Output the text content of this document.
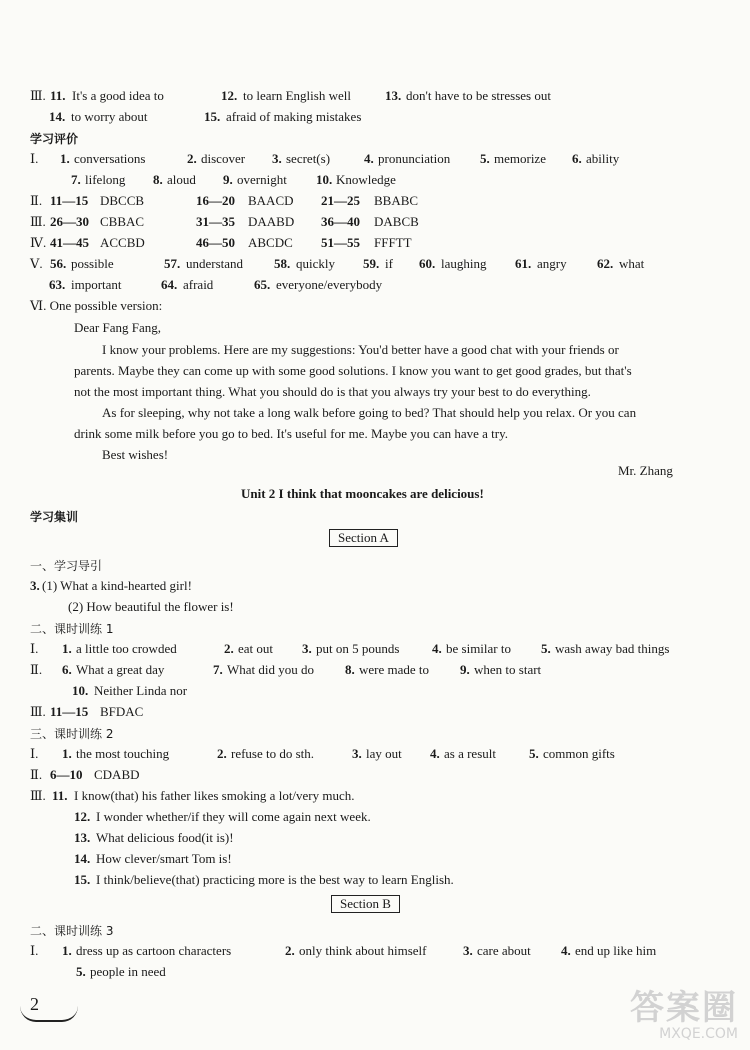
Ⅲ. 11. It's a good idea to	12. to learn English well	13. don't have to be stresses out
14. to worry about	15. afraid of making mistakes
学习评价
Ⅰ. 1. conversations	2. discover 3. secret(s)	4. pronunciation 5. memorize 6. ability
7. lifelong 8. aloud 9. overnight 10. Knowledge
Ⅱ. 11—15 DBCCB	16—20 BAACD 21—25 BBABC
Ⅲ. 26—30 CBBAC	31—35 DAABD 36—40 DABCB
Ⅳ. 41—45 ACCBD	46—50 ABCDC 51—55 FFFTT
Ⅴ. 56. possible	57. understand 58. quickly 59. if 60. laughing 61. angry 62. what
63. important	64. afraid	65. everyone/everybody
Ⅵ. One possible version:
Dear Fang Fang,
I know your problems. Here are my suggestions: You'd better have a good chat with your friends or
parents. Maybe they can come up with some good solutions. I know you want to get good grades, but that's
not the most important thing. What you should do is that you always try your best to do everything.
As for sleeping, why not take a long walk before going to bed? That should help you relax. Or you can
drink some milk before you go to bed. It's useful for me. Maybe you can have a try.
Best wishes!
Mr. Zhang
Unit 2 I think that mooncakes are delicious!
学习集训
Section A
一、学习导引
3. (1) What a kind-hearted girl!
(2) How beautiful the flower is!
二、课时训练 1
Ⅰ. 1. a little too crowded	2. eat out 3. put on 5 pounds	4. be similar to 5. wash away bad things
Ⅱ. 6. What a great day	7. What did you do 8. were made to 9. when to start
10. Neither Linda nor
Ⅲ. 11—15 BFDAC
三、课时训练 2
Ⅰ. 1. the most touching	2. refuse to do sth.	3. lay out 4. as a result	5. common gifts
Ⅱ. 6—10 CDABD
Ⅲ. 11. I know(that) his father likes smoking a lot/very much.
12. I wonder whether/if they will come again next week.
13. What delicious food(it is)!
14. How clever/smart Tom is!
15. I think/believe(that) practicing more is the best way to learn English.
Section B
二、课时训练 3
Ⅰ. 1. dress up as cartoon characters	2. only think about himself	3. care about 4. end up like him
5. people in need
2	答案圈
MXQE.COM
